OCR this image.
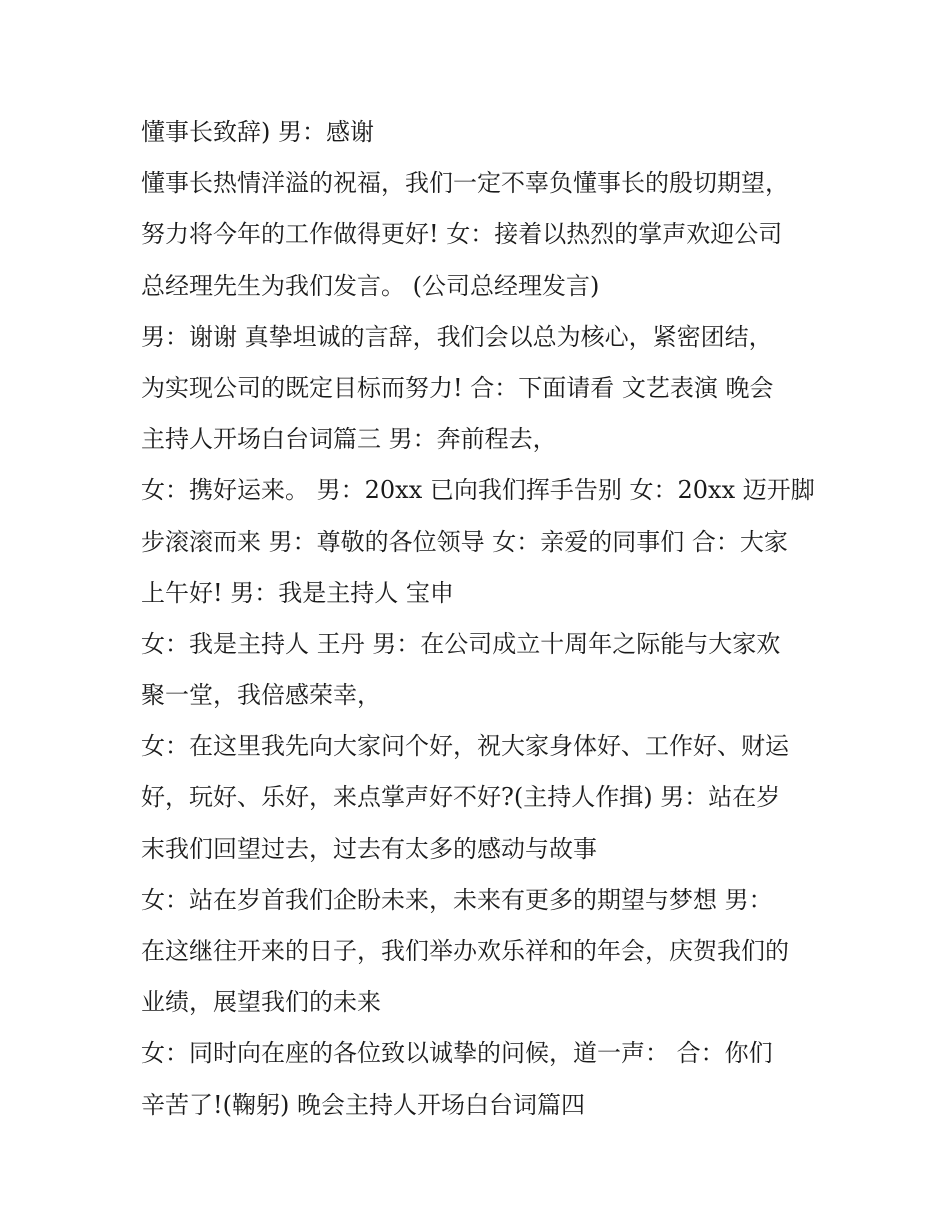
懂事长致辞) 男：感谢
懂事长热情洋溢的祝福，我们一定不辜负懂事长的殷切期望，
努力将今年的工作做得更好! 女：接着以热烈的掌声欢迎公司
总经理先生为我们发言。 (公司总经理发言)
男：谢谢 真挚坦诚的言辞，我们会以总为核心，紧密团结，
为实现公司的既定目标而努力! 合：下面请看 文艺表演 晚会
主持人开场白台词篇三 男：奔前程去，
女：携好运来。 男：20xx 已向我们挥手告别 女：20xx 迈开脚
步滚滚而来 男：尊敬的各位领导 女：亲爱的同事们 合：大家
上午好! 男：我是主持人 宝申
女：我是主持人 王丹 男：在公司成立十周年之际能与大家欢
聚一堂，我倍感荣幸，
女：在这里我先向大家问个好，祝大家身体好、工作好、财运
好，玩好、乐好，来点掌声好不好?(主持人作揖) 男：站在岁
末我们回望过去，过去有太多的感动与故事
女：站在岁首我们企盼未来，未来有更多的期望与梦想 男：
在这继往开来的日子，我们举办欢乐祥和的年会，庆贺我们的
业绩，展望我们的未来
女：同时向在座的各位致以诚挚的问候，道一声： 合：你们
辛苦了!(鞠躬) 晚会主持人开场白台词篇四
